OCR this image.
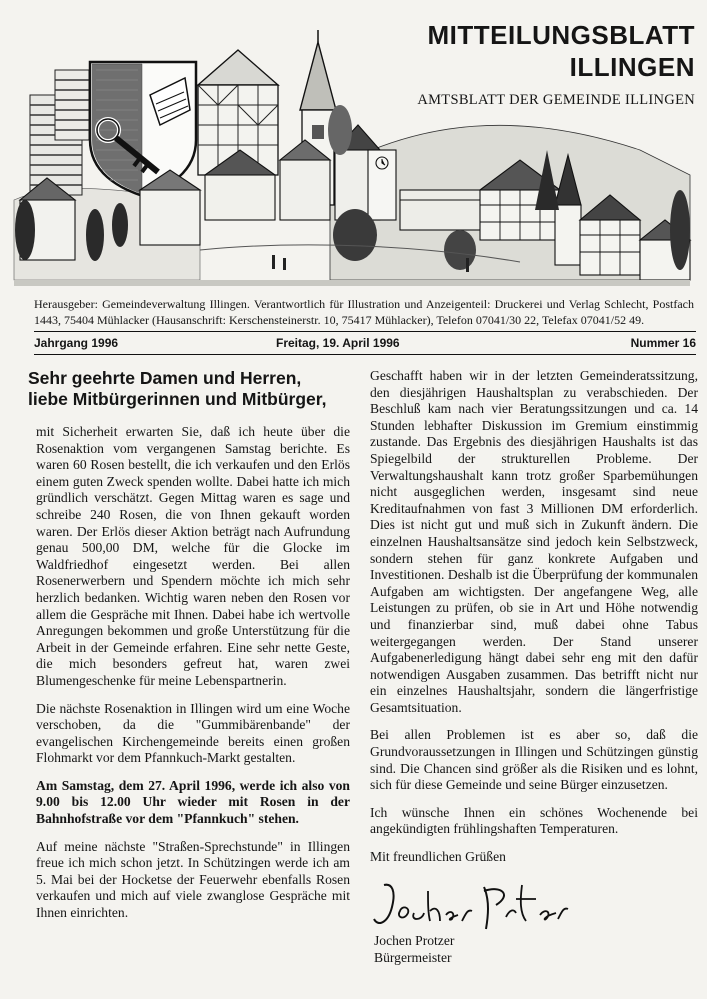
MITTEILUNGSBLATT
ILLINGEN

AMTSBLATT DER GEMEINDE ILLINGEN

Herausgeber: Gemeindeverwaltung Illingen. Verantwortlich für Illustration und Anzeigenteil: Druckerei und Verlag Schlecht, Postfach 1443, 75404 Mühlacker (Hausanschrift: Kerschensteinerstr. 10, 75417 Mühlacker), Telefon 07041/30 22, Telefax 07041/52 49.

Jahrgang 1996	Freitag, 19. April 1996	Nummer 16
Sehr geehrte Damen und Herren,
liebe Mitbürgerinnen und Mitbürger,

mit Sicherheit erwarten Sie, daß ich heute über die Rosenaktion vom vergangenen Samstag berichte. Es waren 60 Rosen bestellt, die ich verkaufen und den Erlös einem guten Zweck spenden wollte. Dabei hatte ich mich gründlich verschätzt. Gegen Mittag waren es sage und schreibe 240 Rosen, die von Ihnen gekauft worden waren. Der Erlös dieser Aktion beträgt nach Aufrundung genau 500,00 DM, welche für die Glocke im Waldfriedhof eingesetzt werden. Bei allen Rosenerwerbern und Spendern möchte ich mich sehr herzlich bedanken. Wichtig waren neben den Rosen vor allem die Gespräche mit Ihnen. Dabei habe ich wertvolle Anregungen bekommen und große Unterstützung für die Arbeit in der Gemeinde erfahren. Eine sehr nette Geste, die mich besonders gefreut hat, waren zwei Blumengeschenke für meine Lebenspartnerin.

Die nächste Rosenaktion in Illingen wird um eine Woche verschoben, da die "Gummibärenbande" der evangelischen Kirchengemeinde bereits einen großen Flohmarkt vor dem Pfannkuch-Markt gestalten.

Am Samstag, dem 27. April 1996, werde ich also von 9.00 bis 12.00 Uhr wieder mit Rosen in der Bahnhofstraße vor dem "Pfannkuch" stehen.

Auf meine nächste "Straßen-Sprechstunde" in Illingen freue ich mich schon jetzt. In Schützingen werde ich am 5. Mai bei der Hocketse der Feuerwehr ebenfalls Rosen verkaufen und mich auf viele zwanglose Gespräche mit Ihnen einrichten.

Geschafft haben wir in der letzten Gemeinderatssitzung, den diesjährigen Haushaltsplan zu verabschieden. Der Beschluß kam nach vier Beratungssitzungen und ca. 14 Stunden lebhafter Diskussion im Gremium einstimmig zustande. Das Ergebnis des diesjährigen Haushalts ist das Spiegelbild der strukturellen Probleme. Der Verwaltungshaushalt kann trotz großer Sparbemühungen nicht ausgeglichen werden, insgesamt sind neue Kreditaufnahmen von fast 3 Millionen DM erforderlich. Dies ist nicht gut und muß sich in Zukunft ändern. Die einzelnen Haushaltsansätze sind jedoch kein Selbstzweck, sondern stehen für ganz konkrete Aufgaben und Investitionen. Deshalb ist die Überprüfung der kommunalen Aufgaben am wichtigsten. Der angefangene Weg, alle Leistungen zu prüfen, ob sie in Art und Höhe notwendig und finanzierbar sind, muß dabei ohne Tabus weitergegangen werden. Der Stand unserer Aufgabenerledigung hängt dabei sehr eng mit den dafür notwendigen Ausgaben zusammen. Das betrifft nicht nur ein einzelnes Haushaltsjahr, sondern die längerfristige Gesamtsituation.

Bei allen Problemen ist es aber so, daß die Grundvoraussetzungen in Illingen und Schützingen günstig sind. Die Chancen sind größer als die Risiken und es lohnt, sich für diese Gemeinde und seine Bürger einzusetzen.

Ich wünsche Ihnen ein schönes Wochenende bei angekündigten frühlingshaften Temperaturen.

Mit freundlichen Grüßen

Jochen Protzer

Bürgermeister
